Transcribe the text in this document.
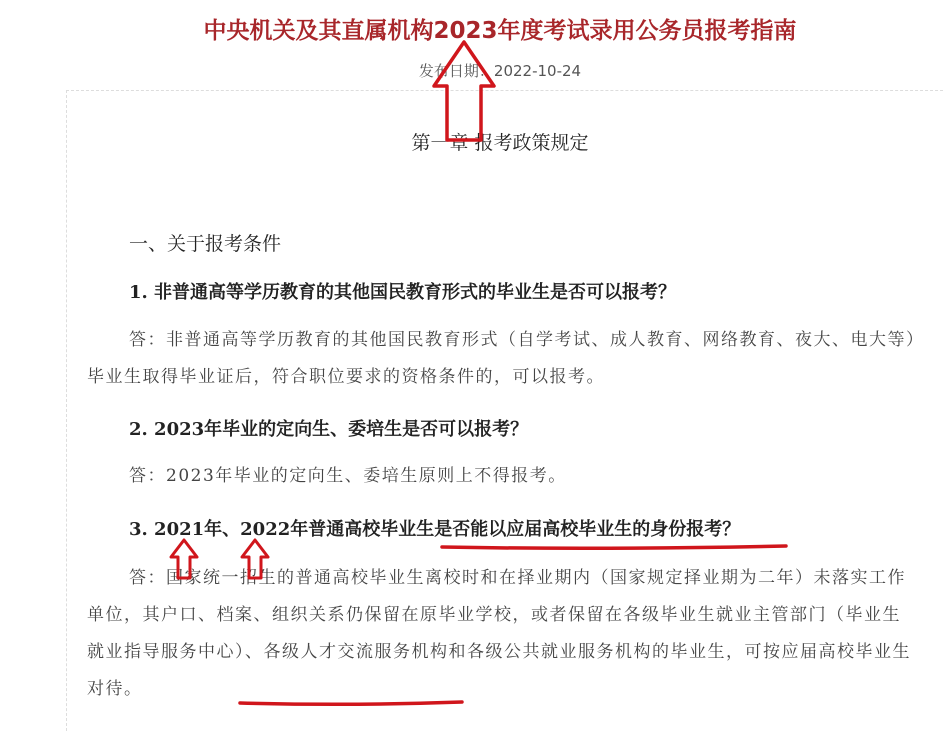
中央机关及其直属机构2023年度考试录用公务员报考指南
发布日期：2022-10-24
第一章 报考政策规定
一、关于报考条件
1. 非普通高等学历教育的其他国民教育形式的毕业生是否可以报考？
答：非普通高等学历教育的其他国民教育形式（自学考试、成人教育、网络教育、夜大、电大等）毕业生取得毕业证后，符合职位要求的资格条件的，可以报考。
2. 2023年毕业的定向生、委培生是否可以报考？
答：2023年毕业的定向生、委培生原则上不得报考。
3. 2021年、2022年普通高校毕业生是否能以应届高校毕业生的身份报考？
答：国家统一招生的普通高校毕业生离校时和在择业期内（国家规定择业期为二年）未落实工作单位，其户口、档案、组织关系仍保留在原毕业学校，或者保留在各级毕业生就业主管部门（毕业生就业指导服务中心）、各级人才交流服务机构和各级公共就业服务机构的毕业生，可按应届高校毕业生对待。
